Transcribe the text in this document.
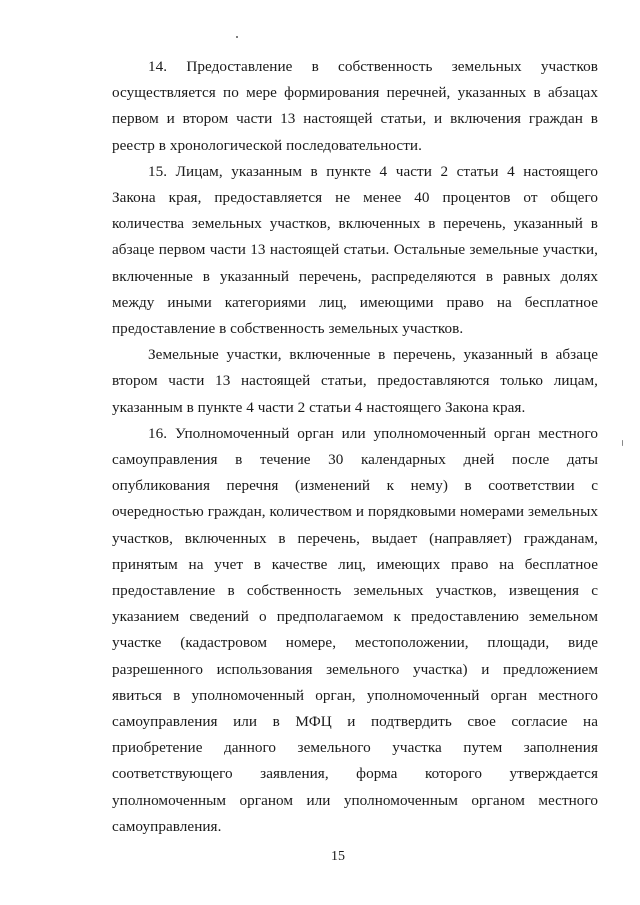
14. Предоставление в собственность земельных участков осуществляется по мере формирования перечней, указанных в абзацах первом и втором части 13 настоящей статьи, и включения граждан в реестр в хронологической последовательности.

15. Лицам, указанным в пункте 4 части 2 статьи 4 настоящего Закона края, предоставляется не менее 40 процентов от общего количества земельных участков, включенных в перечень, указанный в абзаце первом части 13 настоящей статьи. Остальные земельные участки, включенные в указанный перечень, распределяются в равных долях между иными категориями лиц, имеющими право на бесплатное предоставление в собственность земельных участков.

Земельные участки, включенные в перечень, указанный в абзаце втором части 13 настоящей статьи, предоставляются только лицам, указанным в пункте 4 части 2 статьи 4 настоящего Закона края.

16. Уполномоченный орган или уполномоченный орган местного самоуправления в течение 30 календарных дней после даты опубликования перечня (изменений к нему) в соответствии с очередностью граждан, количеством и порядковыми номерами земельных участков, включенных в перечень, выдает (направляет) гражданам, принятым на учет в качестве лиц, имеющих право на бесплатное предоставление в собственность земельных участков, извещения с указанием сведений о предполагаемом к предоставлению земельном участке (кадастровом номере, местоположении, площади, виде разрешенного использования земельного участка) и предложением явиться в уполномоченный орган, уполномоченный орган местного самоуправления или в МФЦ и подтвердить свое согласие на приобретение данного земельного участка путем заполнения соответствующего заявления, форма которого утверждается уполномоченным органом или уполномоченным органом местного самоуправления.

15
